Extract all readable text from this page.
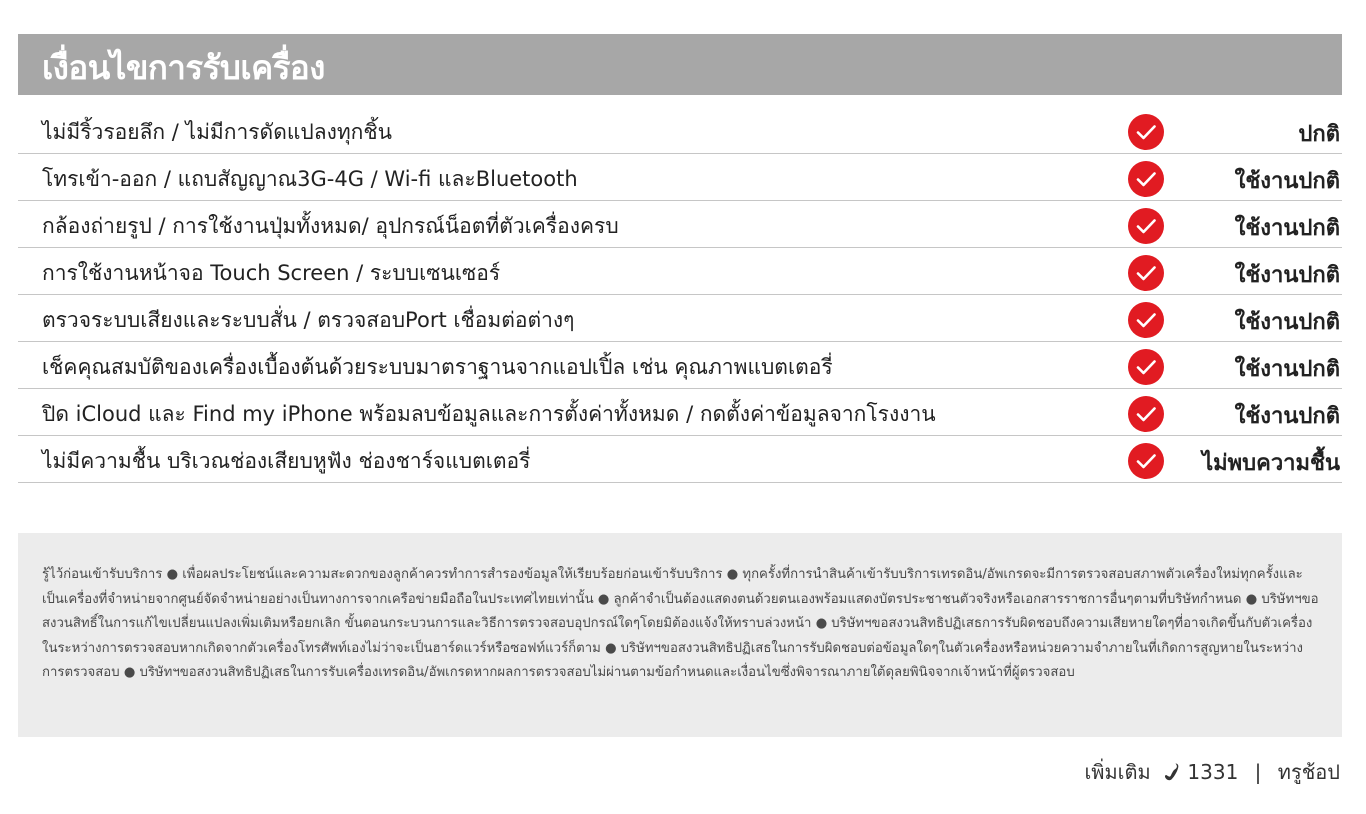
เงื่อนไขการรับเครื่อง
ไม่มีริ้วรอยลึก / ไม่มีการดัดแปลงทุกชิ้น	ปกติ
โทรเข้า-ออก / แถบสัญญาณ3G-4G / Wi-fi และBluetooth	ใช้งานปกติ
กล้องถ่ายรูป / การใช้งานปุ่มทั้งหมด/ อุปกรณ์น็อตที่ตัวเครื่องครบ	ใช้งานปกติ
การใช้งานหน้าจอ Touch Screen / ระบบเซนเซอร์	ใช้งานปกติ
ตรวจระบบเสียงและระบบสั่น / ตรวจสอบPort เชื่อมต่อต่างๆ	ใช้งานปกติ
เช็คคุณสมบัติของเครื่องเบื้องต้นด้วยระบบมาตราฐานจากแอปเปิ้ล เช่น คุณภาพแบตเตอรี่	ใช้งานปกติ
ปิด iCloud และ Find my iPhone พร้อมลบข้อมูลและการตั้งค่าทั้งหมด / กดตั้งค่าข้อมูลจากโรงงาน	ใช้งานปกติ
ไม่มีความชื้น บริเวณช่องเสียบหูฟัง ช่องชาร์จแบตเตอรี่	ไม่พบความชื้น

รู้ไว้ก่อนเข้ารับบริการ ● เพื่อผลประโยชน์และความสะดวกของลูกค้าควรทำการสำรองข้อมูลให้เรียบร้อยก่อนเข้ารับบริการ ● ทุกครั้งที่การนำสินค้าเข้ารับบริการเทรดอิน/อัพเกรดจะมีการตรวจสอบสภาพตัวเครื่องใหม่ทุกครั้งและเป็นเครื่องที่จำหน่ายจากศูนย์จัดจำหน่ายอย่างเป็นทางการจากเครือข่ายมือถือในประเทศไทยเท่านั้น ● ลูกค้าจำเป็นต้องแสดงตนด้วยตนเองพร้อมแสดงบัตรประชาชนตัวจริงหรือเอกสารราชการอื่นๆตามที่บริษัทกำหนด ● บริษัทฯขอสงวนสิทธิ์ในการแก้ไขเปลี่ยนแปลงเพิ่มเติมหรือยกเลิก ขั้นตอนกระบวนการและวิธีการตรวจสอบอุปกรณ์ใดๆโดยมิต้องแจ้งให้ทราบล่วงหน้า ● บริษัทฯขอสงวนสิทธิปฏิเสธการรับผิดชอบถึงความเสียหายใดๆที่อาจเกิดขึ้นกับตัวเครื่องในระหว่างการตรวจสอบหากเกิดจากตัวเครื่องโทรศัพท์เองไม่ว่าจะเป็นฮาร์ดแวร์หรือซอฟท์แวร์ก็ตาม ● บริษัทฯขอสงวนสิทธิปฏิเสธในการรับผิดชอบต่อข้อมูลใดๆในตัวเครื่องหรือหน่วยความจำภายในที่เกิดการสูญหายในระหว่างการตรวจสอบ ● บริษัทฯขอสงวนสิทธิปฏิเสธในการรับเครื่องเทรดอิน/อัพเกรดหากผลการตรวจสอบไม่ผ่านตามข้อกำหนดและเงื่อนไขซึ่งพิจารณาภายใต้ดุลยพินิจจากเจ้าหน้าที่ผู้ตรวจสอบ

เพิ่มเติม 1331 | ทรูช้อป
